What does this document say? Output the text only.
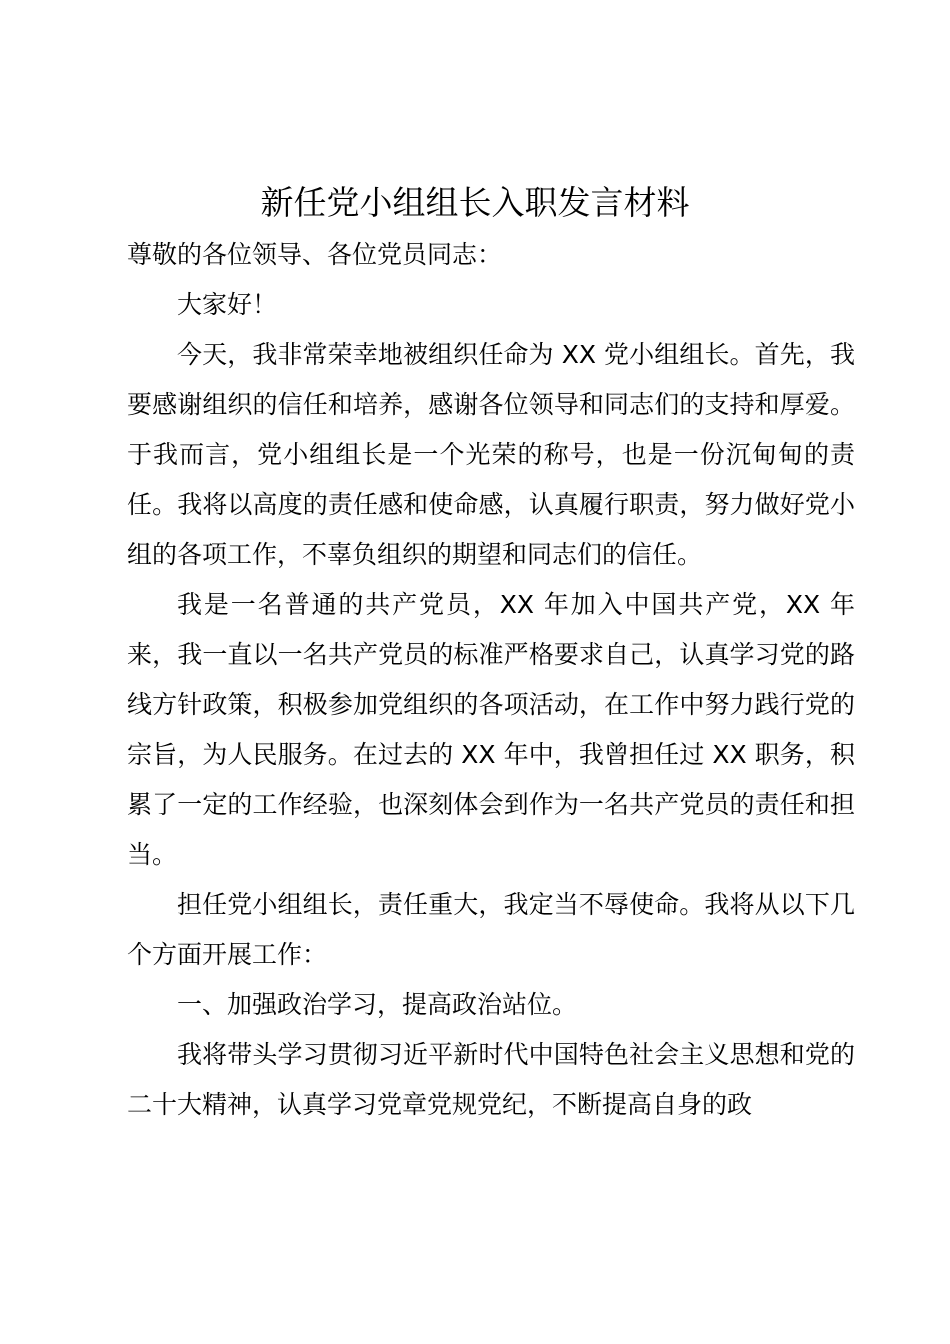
新任党小组组长入职发言材料

尊敬的各位领导、各位党员同志：

大家好！

今天，我非常荣幸地被组织任命为 XX 党小组组长。首先，我要感谢组织的信任和培养，感谢各位领导和同志们的支持和厚爱。于我而言，党小组组长是一个光荣的称号，也是一份沉甸甸的责任。我将以高度的责任感和使命感，认真履行职责，努力做好党小组的各项工作，不辜负组织的期望和同志们的信任。

我是一名普通的共产党员，XX 年加入中国共产党，XX 年来，我一直以一名共产党员的标准严格要求自己，认真学习党的路线方针政策，积极参加党组织的各项活动，在工作中努力践行党的宗旨，为人民服务。在过去的 XX 年中，我曾担任过 XX 职务，积累了一定的工作经验，也深刻体会到作为一名共产党员的责任和担当。

担任党小组组长，责任重大，我定当不辱使命。我将从以下几个方面开展工作：

一、加强政治学习，提高政治站位。

我将带头学习贯彻习近平新时代中国特色社会主义思想和党的二十大精神，认真学习党章党规党纪，不断提高自身的政
